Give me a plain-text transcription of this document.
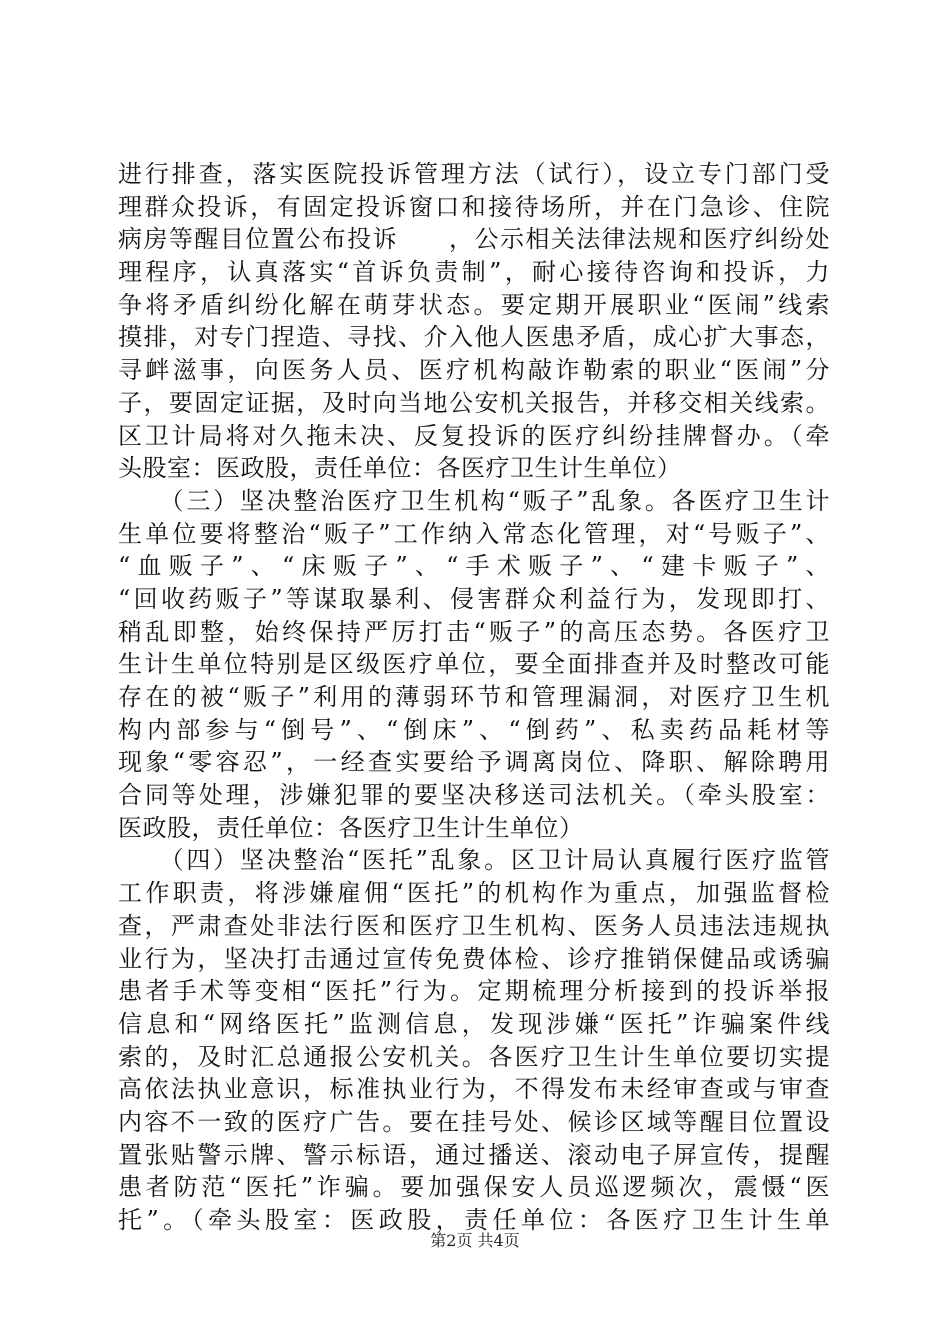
进行排查，落实医院投诉管理方法（试行），设立专门部门受
理群众投诉，有固定投诉窗口和接待场所，并在门急诊、住院
病房等醒目位置公布投诉　　，公示相关法律法规和医疗纠纷处
理程序，认真落实“首诉负责制”，耐心接待咨询和投诉，力
争将矛盾纠纷化解在萌芽状态。要定期开展职业“医闹”线索
摸排，对专门捏造、寻找、介入他人医患矛盾，成心扩大事态，
寻衅滋事，向医务人员、医疗机构敲诈勒索的职业“医闹”分
子，要固定证据，及时向当地公安机关报告，并移交相关线索。
区卫计局将对久拖未决、反复投诉的医疗纠纷挂牌督办。（牵
头股室：医政股，责任单位：各医疗卫生计生单位）
　　（三）坚决整治医疗卫生机构“贩子”乱象。各医疗卫生计
生单位要将整治“贩子”工作纳入常态化管理，对“号贩子”、
“血贩子”、“床贩子”、“手术贩子”、“建卡贩子”、
“回收药贩子”等谋取暴利、侵害群众利益行为，发现即打、
稍乱即整，始终保持严厉打击“贩子”的高压态势。各医疗卫
生计生单位特别是区级医疗单位，要全面排查并及时整改可能
存在的被“贩子”利用的薄弱环节和管理漏洞，对医疗卫生机
构内部参与“倒号”、“倒床”、“倒药”、私卖药品耗材等
现象“零容忍”，一经查实要给予调离岗位、降职、解除聘用
合同等处理，涉嫌犯罪的要坚决移送司法机关。（牵头股室：
医政股，责任单位：各医疗卫生计生单位）
　　（四）坚决整治“医托”乱象。区卫计局认真履行医疗监管
工作职责，将涉嫌雇佣“医托”的机构作为重点，加强监督检
查，严肃查处非法行医和医疗卫生机构、医务人员违法违规执
业行为，坚决打击通过宣传免费体检、诊疗推销保健品或诱骗
患者手术等变相“医托”行为。定期梳理分析接到的投诉举报
信息和“网络医托”监测信息，发现涉嫌“医托”诈骗案件线
索的，及时汇总通报公安机关。各医疗卫生计生单位要切实提
高依法执业意识，标准执业行为，不得发布未经审查或与审查
内容不一致的医疗广告。要在挂号处、候诊区域等醒目位置设
置张贴警示牌、警示标语，通过播送、滚动电子屏宣传，提醒
患者防范“医托”诈骗。要加强保安人员巡逻频次，震慑“医
托”。（牵头股室：医政股，责任单位：各医疗卫生计生单
第2页 共4页
